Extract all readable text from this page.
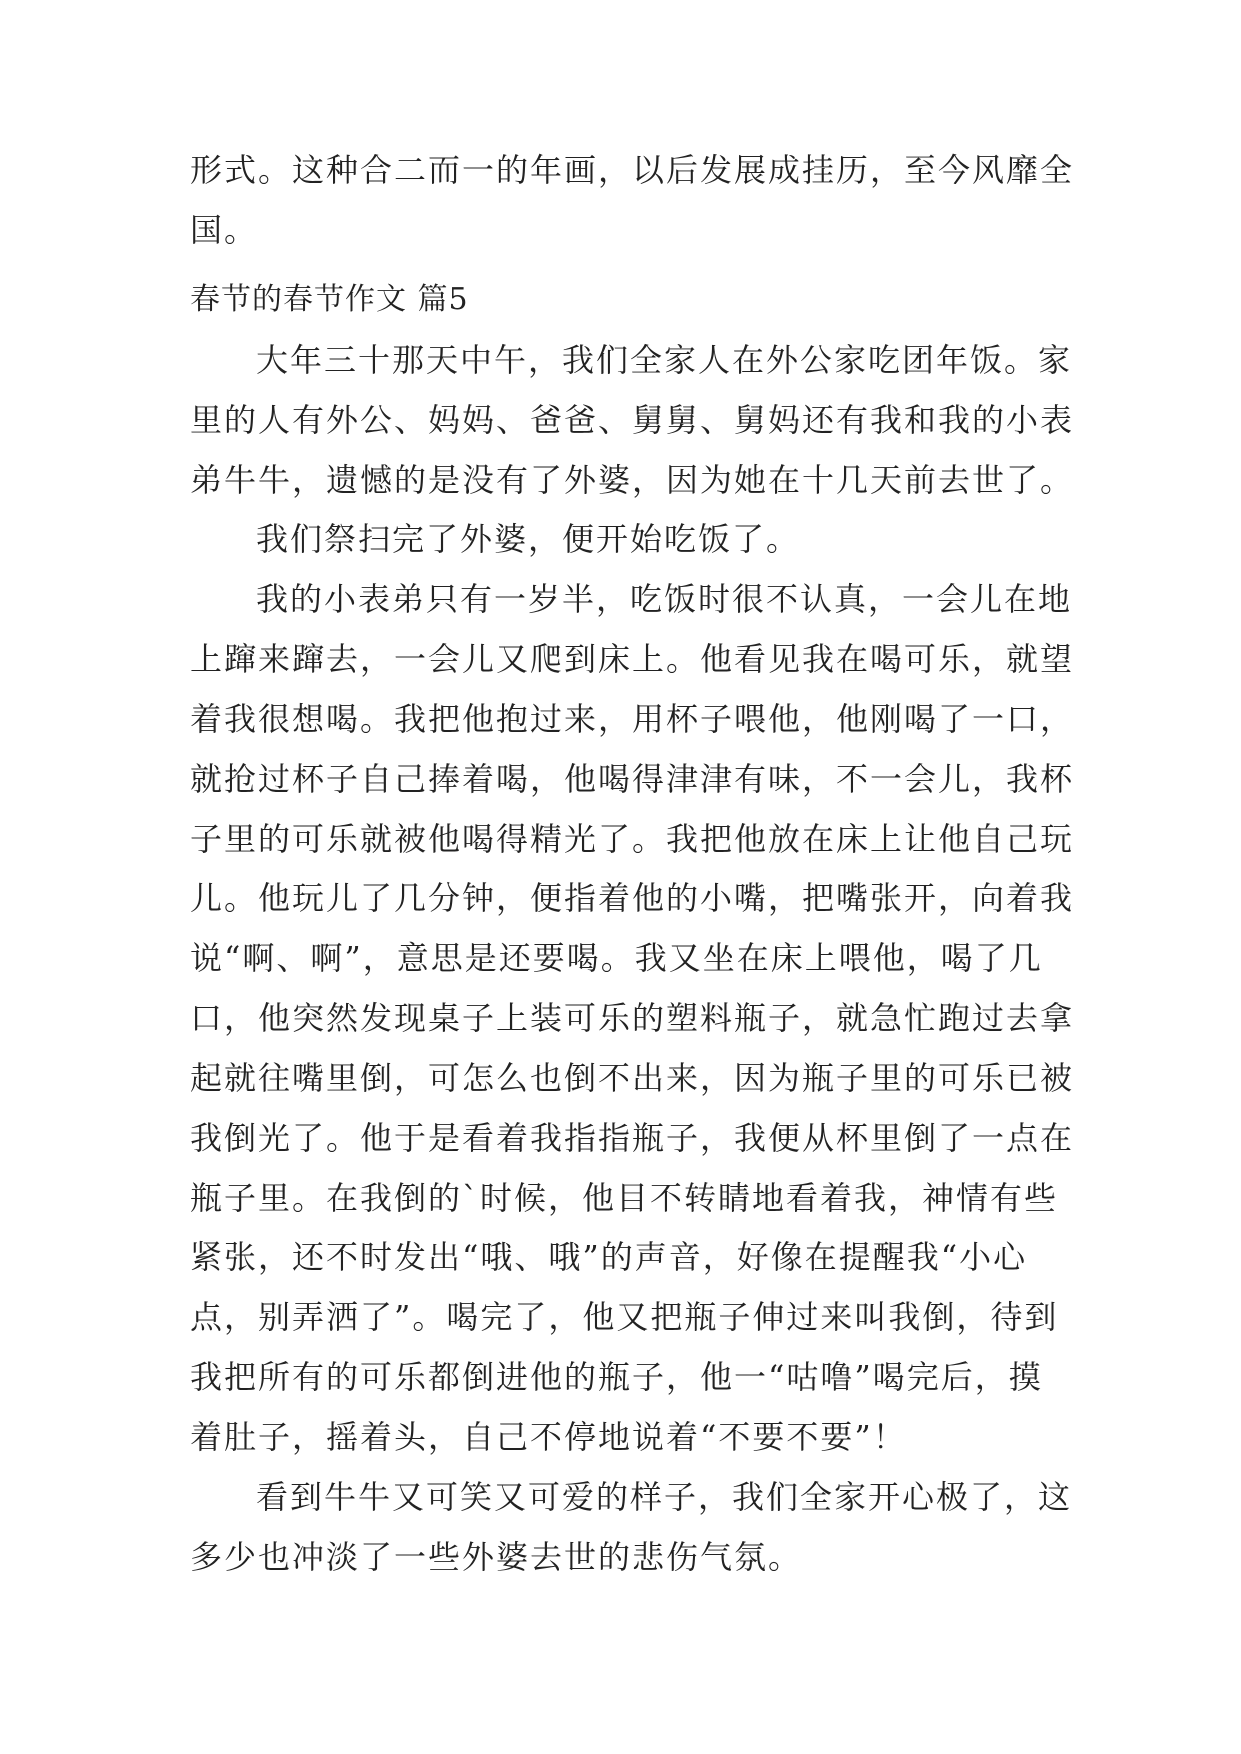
形式。这种合二而一的年画，以后发展成挂历，至今风靡全
国。
春节的春节作文 篇5
大年三十那天中午，我们全家人在外公家吃团年饭。家
里的人有外公、妈妈、爸爸、舅舅、舅妈还有我和我的小表
弟牛牛，遗憾的是没有了外婆，因为她在十几天前去世了。
我们祭扫完了外婆，便开始吃饭了。
我的小表弟只有一岁半，吃饭时很不认真，一会儿在地
上蹿来蹿去，一会儿又爬到床上。他看见我在喝可乐，就望
着我很想喝。我把他抱过来，用杯子喂他，他刚喝了一口，
就抢过杯子自己捧着喝，他喝得津津有味，不一会儿，我杯
子里的可乐就被他喝得精光了。我把他放在床上让他自己玩
儿。他玩儿了几分钟，便指着他的小嘴，把嘴张开，向着我
说“啊、啊”，意思是还要喝。我又坐在床上喂他，喝了几
口，他突然发现桌子上装可乐的塑料瓶子，就急忙跑过去拿
起就往嘴里倒，可怎么也倒不出来，因为瓶子里的可乐已被
我倒光了。他于是看着我指指瓶子，我便从杯里倒了一点在
瓶子里。在我倒的`时候，他目不转睛地看着我，神情有些
紧张，还不时发出“哦、哦”的声音，好像在提醒我“小心
点，别弄洒了”。喝完了，他又把瓶子伸过来叫我倒，待到
我把所有的可乐都倒进他的瓶子，他一“咕噜”喝完后，摸
着肚子，摇着头，自己不停地说着“不要不要”！
看到牛牛又可笑又可爱的样子，我们全家开心极了，这
多少也冲淡了一些外婆去世的悲伤气氛。
